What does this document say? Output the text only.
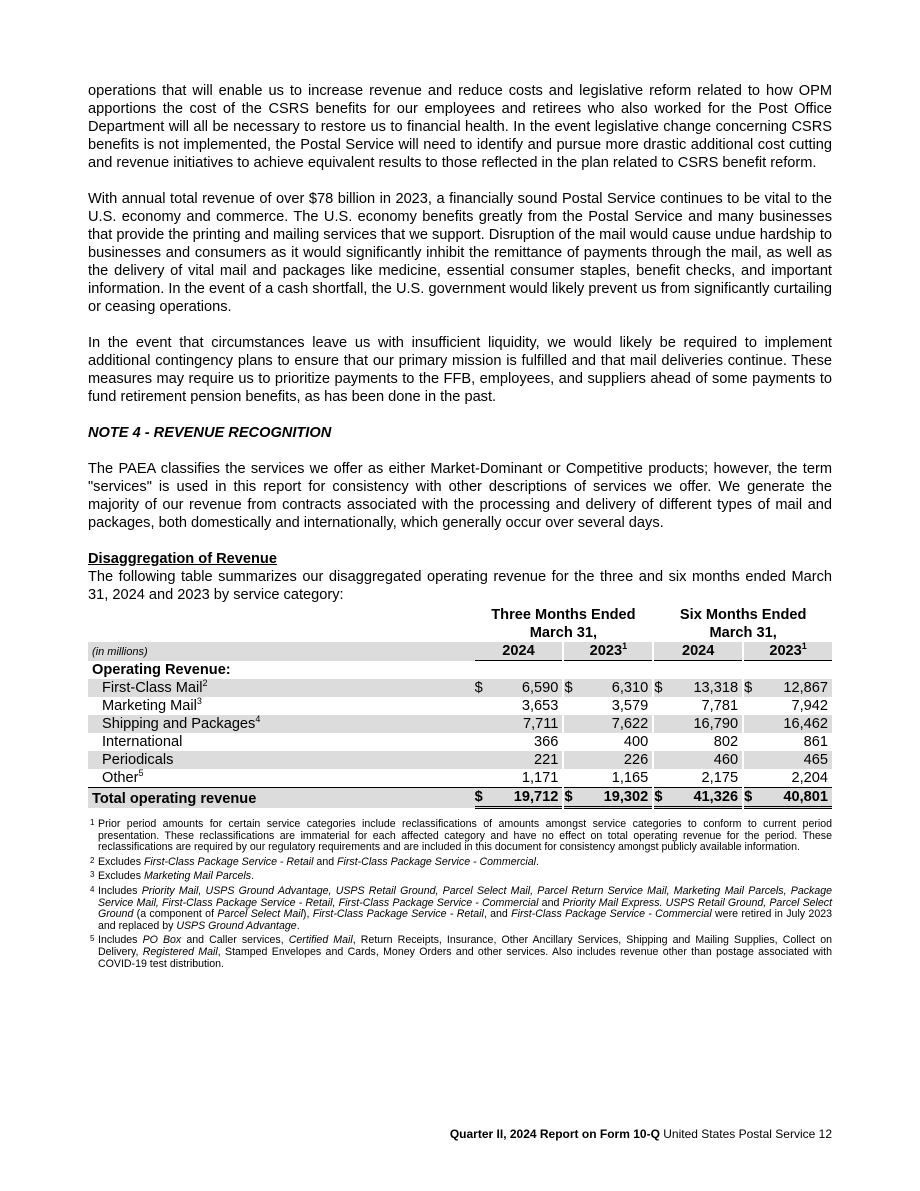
operations that will enable us to increase revenue and reduce costs and legislative reform related to how OPM apportions the cost of the CSRS benefits for our employees and retirees who also worked for the Post Office Department will all be necessary to restore us to financial health. In the event legislative change concerning CSRS benefits is not implemented, the Postal Service will need to identify and pursue more drastic additional cost cutting and revenue initiatives to achieve equivalent results to those reflected in the plan related to CSRS benefit reform.

With annual total revenue of over $78 billion in 2023, a financially sound Postal Service continues to be vital to the U.S. economy and commerce. The U.S. economy benefits greatly from the Postal Service and many businesses that provide the printing and mailing services that we support. Disruption of the mail would cause undue hardship to businesses and consumers as it would significantly inhibit the remittance of payments through the mail, as well as the delivery of vital mail and packages like medicine, essential consumer staples, benefit checks, and important information. In the event of a cash shortfall, the U.S. government would likely prevent us from significantly curtailing or ceasing operations.

In the event that circumstances leave us with insufficient liquidity, we would likely be required to implement additional contingency plans to ensure that our primary mission is fulfilled and that mail deliveries continue. These measures may require us to prioritize payments to the FFB, employees, and suppliers ahead of some payments to fund retirement pension benefits, as has been done in the past.

NOTE 4 - REVENUE RECOGNITION

The PAEA classifies the services we offer as either Market-Dominant or Competitive products; however, the term "services" is used in this report for consistency with other descriptions of services we offer. We generate the majority of our revenue from contracts associated with the processing and delivery of different types of mail and packages, both domestically and internationally, which generally occur over several days.

Disaggregation of Revenue

The following table summarizes our disaggregated operating revenue for the three and six months ended March 31, 2024 and 2023 by service category:

	Three Months Ended
March 31,						Six Months Ended
March 31,				
(in millions)	2024			2023$^1$			2024			2023$^1$
Operating Revenue:											
First-Class Mail$^2$	$	6,590		$	6,310		$	13,318		$	12,867
Marketing Mail$^3$		3,653			3,579			7,781			7,942
Shipping and Packages$^4$		7,711			7,622			16,790			16,462
International		366			400			802			861
Periodicals		221			226			460			465
Other$^5$		1,171			1,165			2,175			2,204
Total operating revenue	$	19,712		$	19,302		$	41,326		$	40,801
1 Prior period amounts for certain service categories include reclassifications of amounts amongst service categories to conform to current period presentation. These reclassifications are immaterial for each affected category and have no effect on total operating revenue for the period. These reclassifications are required by our regulatory requirements and are included in this document for consistency amongst publicly available information.
2 Excludes First-Class Package Service - Retail and First-Class Package Service - Commercial.
3 Excludes Marketing Mail Parcels.
4 Includes Priority Mail, USPS Ground Advantage, USPS Retail Ground, Parcel Select Mail, Parcel Return Service Mail, Marketing Mail Parcels, Package Service Mail, First-Class Package Service - Retail, First-Class Package Service - Commercial and Priority Mail Express. USPS Retail Ground, Parcel Select Ground (a component of Parcel Select Mail), First-Class Package Service - Retail, and First-Class Package Service - Commercial were retired in July 2023 and replaced by USPS Ground Advantage.
5 Includes PO Box and Caller services, Certified Mail, Return Receipts, Insurance, Other Ancillary Services, Shipping and Mailing Supplies, Collect on Delivery, Registered Mail, Stamped Envelopes and Cards, Money Orders and other services. Also includes revenue other than postage associated with COVID-19 test distribution.
Quarter II, 2024 Report on Form 10-Q United States Postal Service 12
